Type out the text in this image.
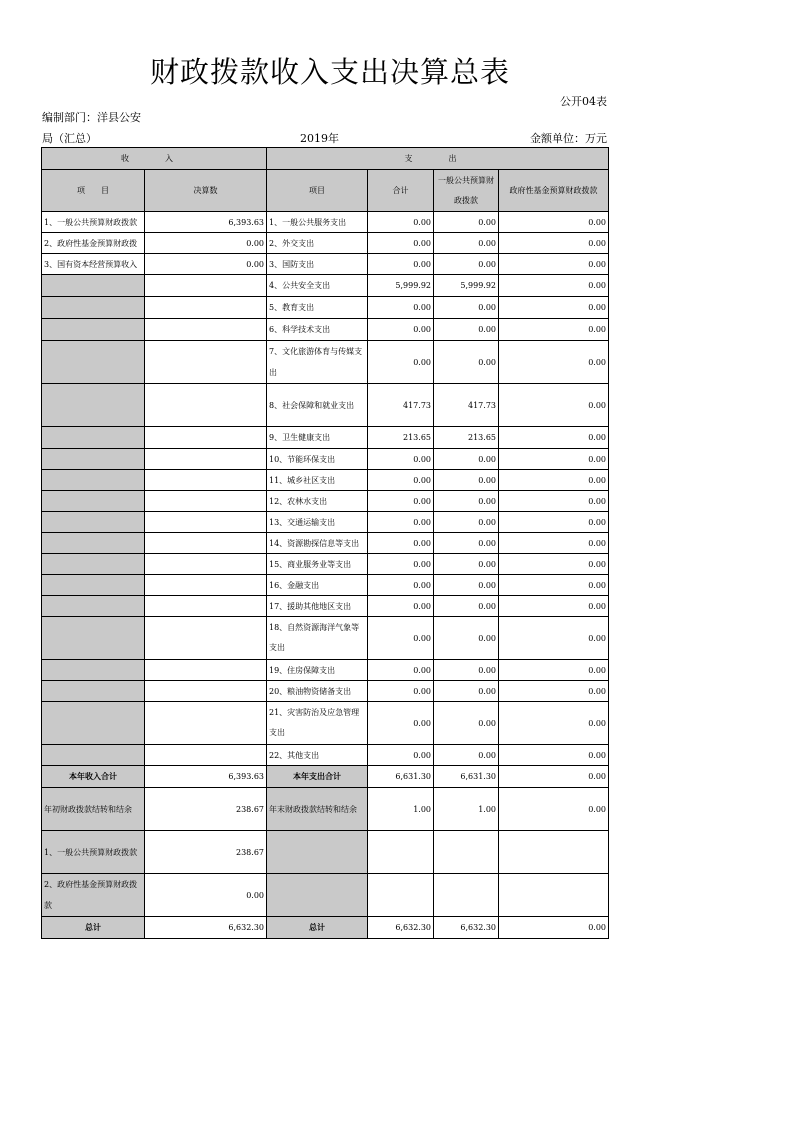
财政拨款收入支出决算总表
公开04表
编制部门：洋县公安
局（汇总）	2019年	金额单位：万元
收　入		支　出			
项　　目	决算数	项目	合计	一般公共预算财政拨款	政府性基金预算财政拨款
1、一般公共预算财政拨款	6,393.63	1、一般公共服务支出	0.00	0.00	0.00
2、政府性基金预算财政拨	0.00	2、外交支出	0.00	0.00	0.00
3、国有资本经营预算收入	0.00	3、国防支出	0.00	0.00	0.00
		4、公共安全支出	5,999.92	5,999.92	0.00
		5、教育支出	0.00	0.00	0.00
		6、科学技术支出	0.00	0.00	0.00
		7、文化旅游体育与传媒支出	0.00	0.00	0.00
		8、社会保障和就业支出	417.73	417.73	0.00
		9、卫生健康支出	213.65	213.65	0.00
		10、节能环保支出	0.00	0.00	0.00
		11、城乡社区支出	0.00	0.00	0.00
		12、农林水支出	0.00	0.00	0.00
		13、交通运输支出	0.00	0.00	0.00
		14、资源勘探信息等支出	0.00	0.00	0.00
		15、商业服务业等支出	0.00	0.00	0.00
		16、金融支出	0.00	0.00	0.00
		17、援助其他地区支出	0.00	0.00	0.00
		18、自然资源海洋气象等支出	0.00	0.00	0.00
		19、住房保障支出	0.00	0.00	0.00
		20、粮油物资储备支出	0.00	0.00	0.00
		21、灾害防治及应急管理支出	0.00	0.00	0.00
		22、其他支出	0.00	0.00	0.00
本年收入合计	6,393.63	本年支出合计	6,631.30	6,631.30	0.00
年初财政拨款结转和结余	238.67	年末财政拨款结转和结余	1.00	1.00	0.00
1、一般公共预算财政拨款	238.67				
2、政府性基金预算财政拨款	0.00				
总计	6,632.30	总计	6,632.30	6,632.30	0.00
